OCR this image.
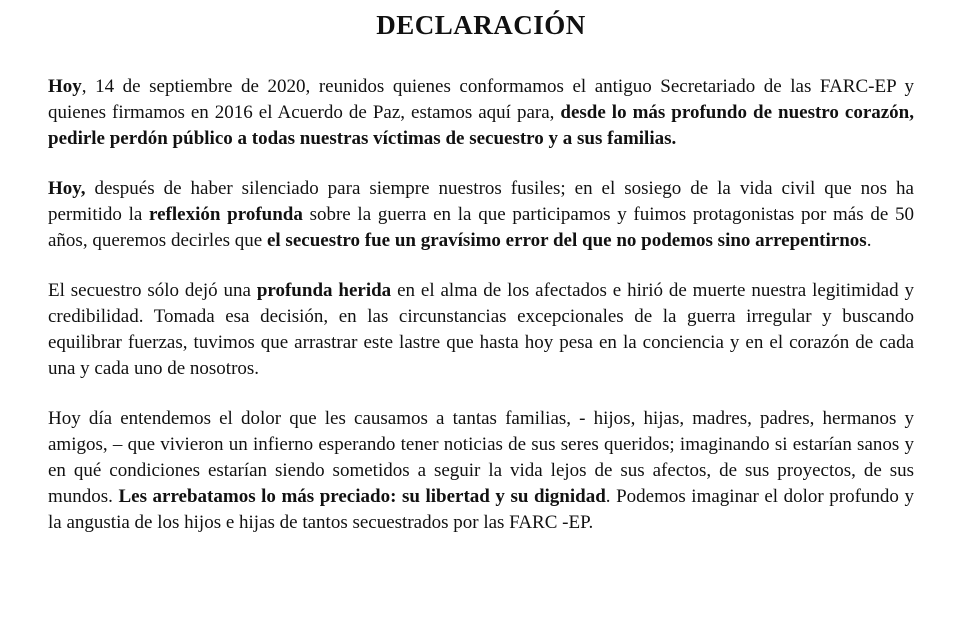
DECLARACIÓN

Hoy, 14 de septiembre de 2020, reunidos quienes conformamos el antiguo Secretariado de las FARC-EP y quienes firmamos en 2016 el Acuerdo de Paz, estamos aquí para, desde lo más profundo de nuestro corazón, pedirle perdón público a todas nuestras víctimas de secuestro y a sus familias.

Hoy, después de haber silenciado para siempre nuestros fusiles; en el sosiego de la vida civil que nos ha permitido la reflexión profunda sobre la guerra en la que participamos y fuimos protagonistas por más de 50 años, queremos decirles que el secuestro fue un gravísimo error del que no podemos sino arrepentirnos.

El secuestro sólo dejó una profunda herida en el alma de los afectados e hirió de muerte nuestra legitimidad y credibilidad. Tomada esa decisión, en las circunstancias excepcionales de la guerra irregular y buscando equilibrar fuerzas, tuvimos que arrastrar este lastre que hasta hoy pesa en la conciencia y en el corazón de cada una y cada uno de nosotros.

Hoy día entendemos el dolor que les causamos a tantas familias, - hijos, hijas, madres, padres, hermanos y amigos, – que vivieron un infierno esperando tener noticias de sus seres queridos; imaginando si estarían sanos y en qué condiciones estarían siendo sometidos a seguir la vida lejos de sus afectos, de sus proyectos, de sus mundos. Les arrebatamos lo más preciado: su libertad y su dignidad. Podemos imaginar el dolor profundo y la angustia de los hijos e hijas de tantos secuestrados por las FARC -EP.
